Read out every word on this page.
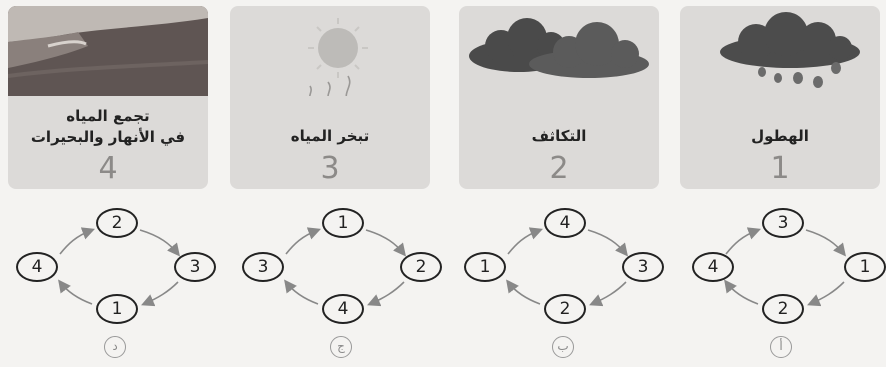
تجمع المياه
في الأنهار والبحيرات
4
تبخر المياه
3
التكاثف
2
الهطول
1
2
4	3
1
1
3	2
4
4
1	3
2
3
4	1
2
د	ج	ب	أ
